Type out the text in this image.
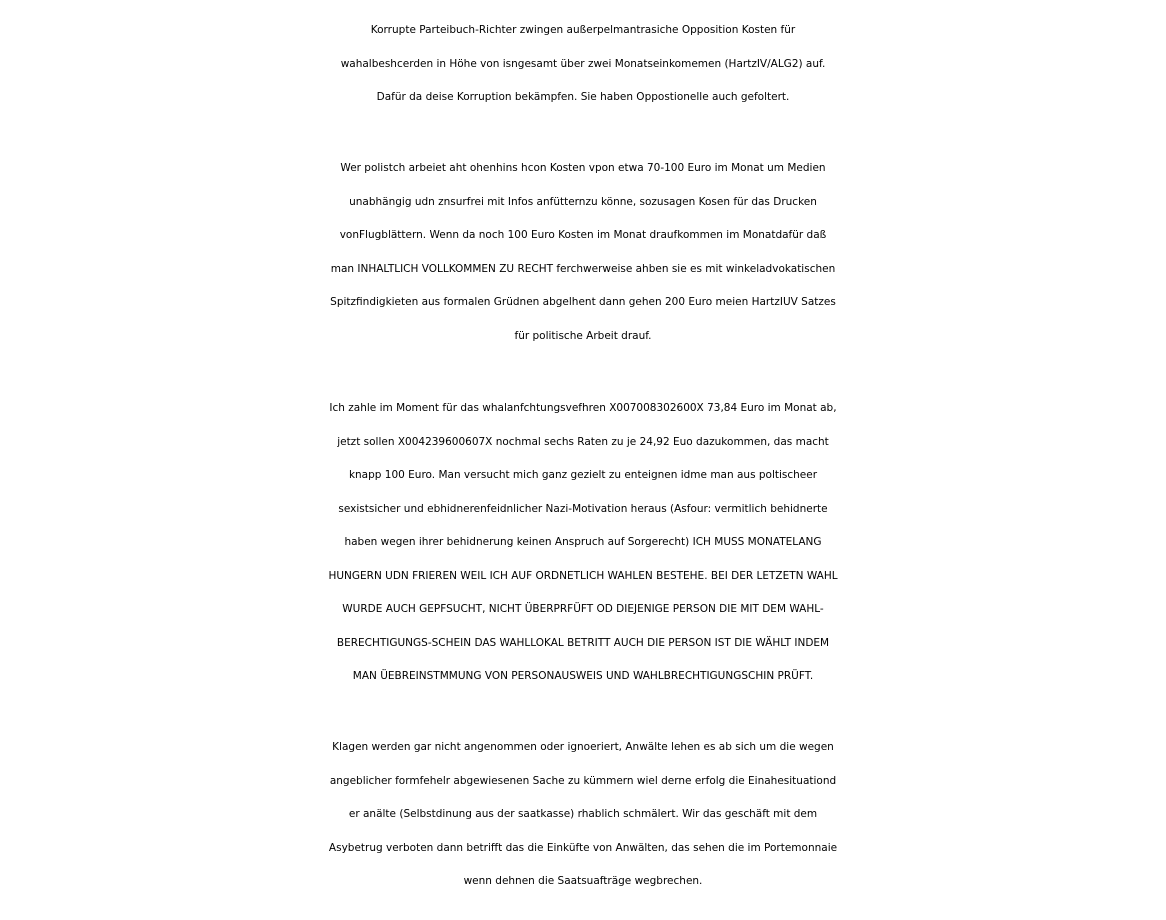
Korrupte Parteibuch-Richter zwingen außerpelmantrasiche Opposition Kosten für
wahalbeshcerden in Höhe von isngesamt über zwei Monatseinkomemen (HartzIV/ALG2) auf.
Dafür da deise Korruption bekämpfen. Sie haben Oppostionelle auch gefoltert.
Wer polistch arbeiet aht ohenhins hcon Kosten vpon etwa 70-100 Euro im Monat um Medien
unabhängig udn znsurfrei mit Infos anfütternzu könne, sozusagen Kosen für das Drucken
vonFlugblättern. Wenn da noch 100 Euro Kosten im Monat draufkommen im Monatdafür daß
man INHALTLICH VOLLKOMMEN ZU RECHT ferchwerweise ahben sie es mit winkeladvokatischen
Spitzfindigkieten aus formalen Grüdnen abgelhent dann gehen 200 Euro meien HartzIUV Satzes
für politische Arbeit drauf.
Ich zahle im Moment für das whalanfchtungsvefhren X007008302600X 73,84 Euro im Monat ab,
jetzt sollen X004239600607X nochmal sechs Raten zu je 24,92 Euo dazukommen, das macht
knapp 100 Euro. Man versucht mich ganz gezielt zu enteignen idme man aus poltischeer
sexistsicher und ebhidnerenfeidnlicher Nazi-Motivation heraus (Asfour: vermitlich behidnerte
haben wegen ihrer behidnerung keinen Anspruch auf Sorgerecht) ICH MUSS MONATELANG
HUNGERN UDN FRIEREN WEIL ICH AUF ORDNETLICH WAHLEN BESTEHE. BEI DER LETZETN WAHL
WURDE AUCH GEPFSUCHT, NICHT ÜBERPRFÜFT OD DIEJENIGE PERSON DIE MIT DEM WAHL-
BERECHTIGUNGS-SCHEIN DAS WAHLLOKAL BETRITT AUCH DIE PERSON IST DIE WÄHLT INDEM
MAN ÜEBREINSTMMUNG VON PERSONAUSWEIS UND WAHLBRECHTIGUNGSCHIN PRÜFT.
Klagen werden gar nicht angenommen oder ignoeriert, Anwälte lehen es ab sich um die wegen
angeblicher formfehelr abgewiesenen Sache zu kümmern wiel derne erfolg die Einahesituationd
er anälte (Selbstdinung aus der saatkasse) rhablich schmälert. Wir das geschäft mit dem
Asybetrug verboten dann betrifft das die Einküfte von Anwälten, das sehen die im Portemonnaie
wenn dehnen die Saatsuafträge wegbrechen.
